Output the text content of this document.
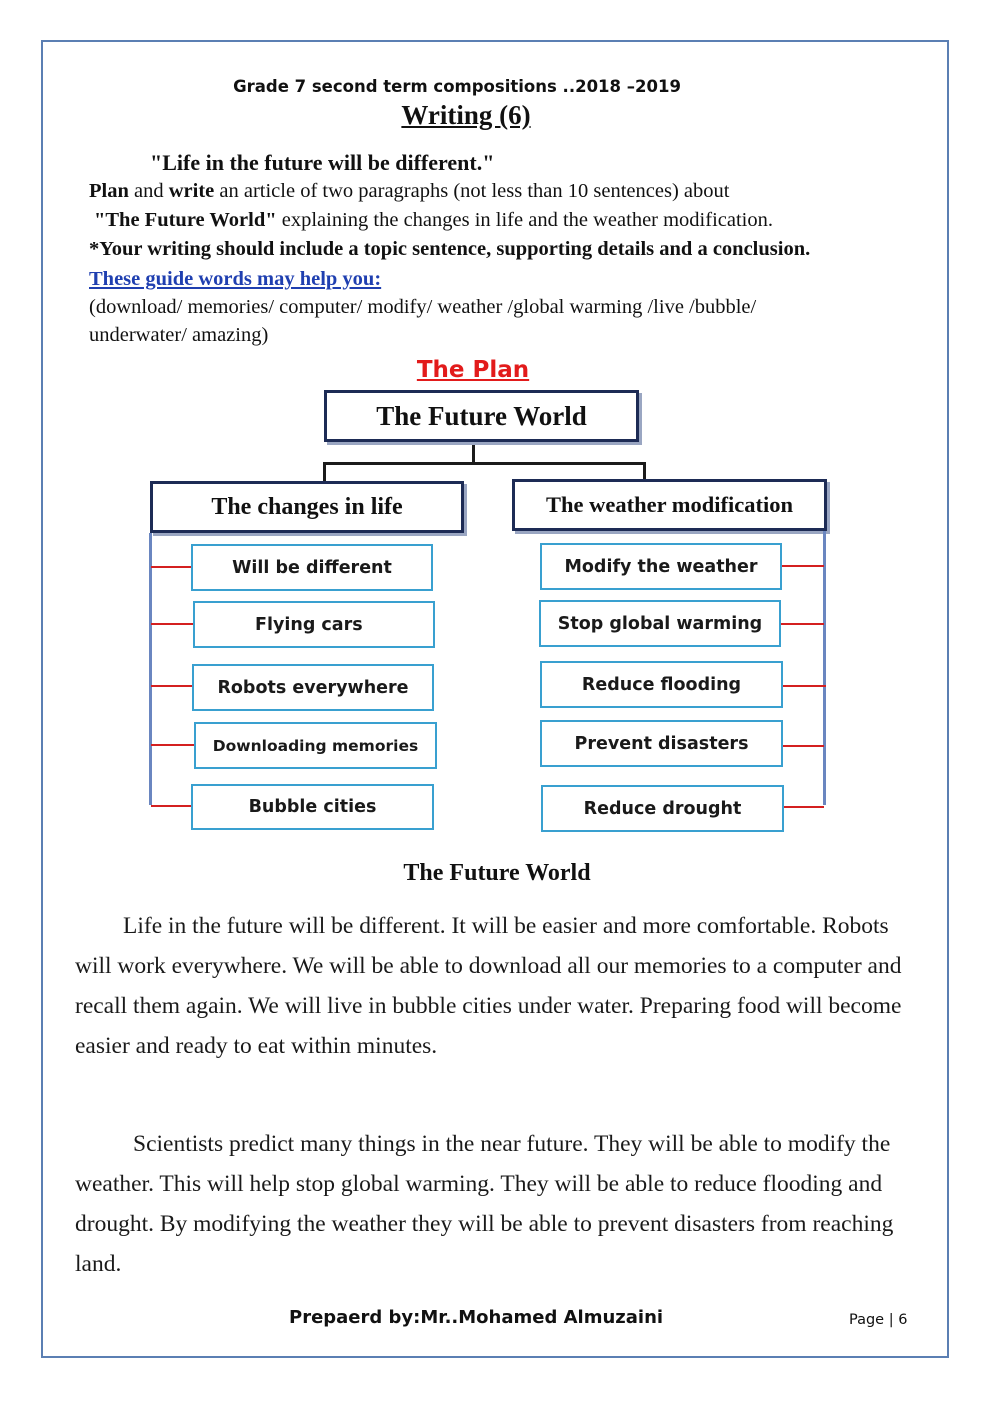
Grade 7 second term compositions ..2018 –2019
Writing (6)
"Life in the future will be different."
Plan and write an article of two paragraphs (not less than 10 sentences) about
"The Future World" explaining the changes in life and the weather modification.
*Your writing should include a topic sentence, supporting details and a conclusion.
These guide words may help you:
(download/ memories/ computer/ modify/ weather /global warming /live /bubble/
underwater/ amazing)
The Plan
The Future World
The changes in life	The weather modification
Will be different
Flying cars
Robots everywhere
Downloading memories
Bubble cities
Modify the weather
Stop global warming
Reduce flooding
Prevent disasters
Reduce drought
The Future World
Life in the future will be different. It will be easier and more comfortable. Robots will work everywhere. We will be able to download all our memories to a computer and recall them again. We will live in bubble cities under water. Preparing food will become easier and ready to eat within minutes.
Scientists predict many things in the near future. They will be able to modify the weather. This will help stop global warming. They will be able to reduce flooding and drought. By modifying the weather they will be able to prevent disasters from reaching land.
Prepaerd by:Mr..Mohamed Almuzaini	Page | 6
